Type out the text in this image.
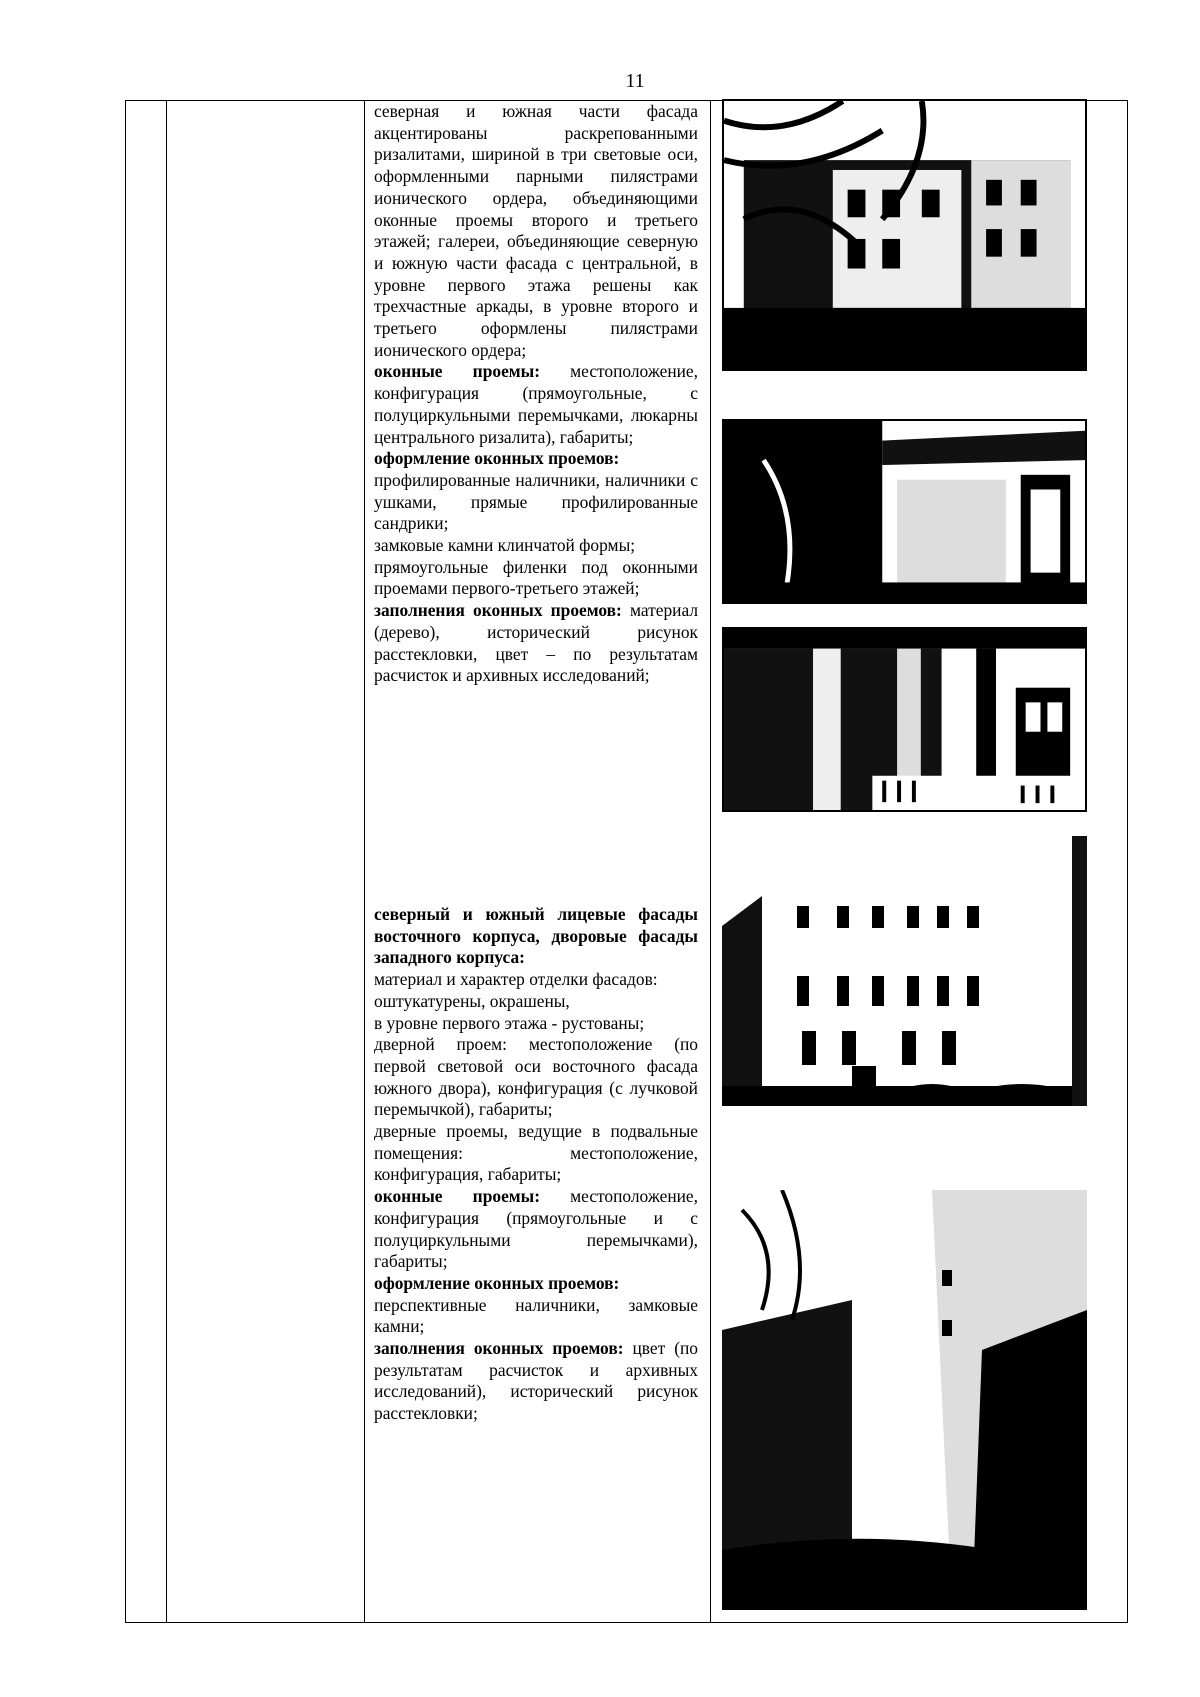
11

северная и южная части фасада акцентированы раскрепованными ризалитами, шириной в три световые оси, оформленными парными пилястрами ионического ордера, объединяющими оконные проемы второго и третьего этажей; галереи, объединяющие северную и южную части фасада с центральной, в уровне первого этажа решены как трехчастные аркады, в уровне второго и третьего оформлены пилястрами ионического ордера;

оконные проемы: местоположение, конфигурация (прямоугольные, с полуциркульными перемычками, люкарны центрального ризалита), габариты;

оформление оконных проемов:

профилированные наличники, наличники с ушками, прямые профилированные сандрики;

замковые камни клинчатой формы;

прямоугольные филенки под оконными проемами первого-третьего этажей;

заполнения оконных проемов: материал (дерево), исторический рисунок расстекловки, цвет – по результатам расчисток и архивных исследований;

северный и южный лицевые фасады восточного корпуса, дворовые фасады западного корпуса:

материал и характер отделки фасадов:

оштукатурены, окрашены,

в уровне первого этажа - рустованы;

дверной проем: местоположение (по первой световой оси восточного фасада южного двора), конфигурация (с лучковой перемычкой), габариты;

дверные проемы, ведущие в подвальные помещения: местоположение, конфигурация, габариты;

оконные проемы: местоположение, конфигурация (прямоугольные и с полуциркульными перемычками), габариты;

оформление оконных проемов:

перспективные наличники, замковые камни;

заполнения оконных проемов: цвет (по результатам расчисток и архивных исследований), исторический рисунок расстекловки;
